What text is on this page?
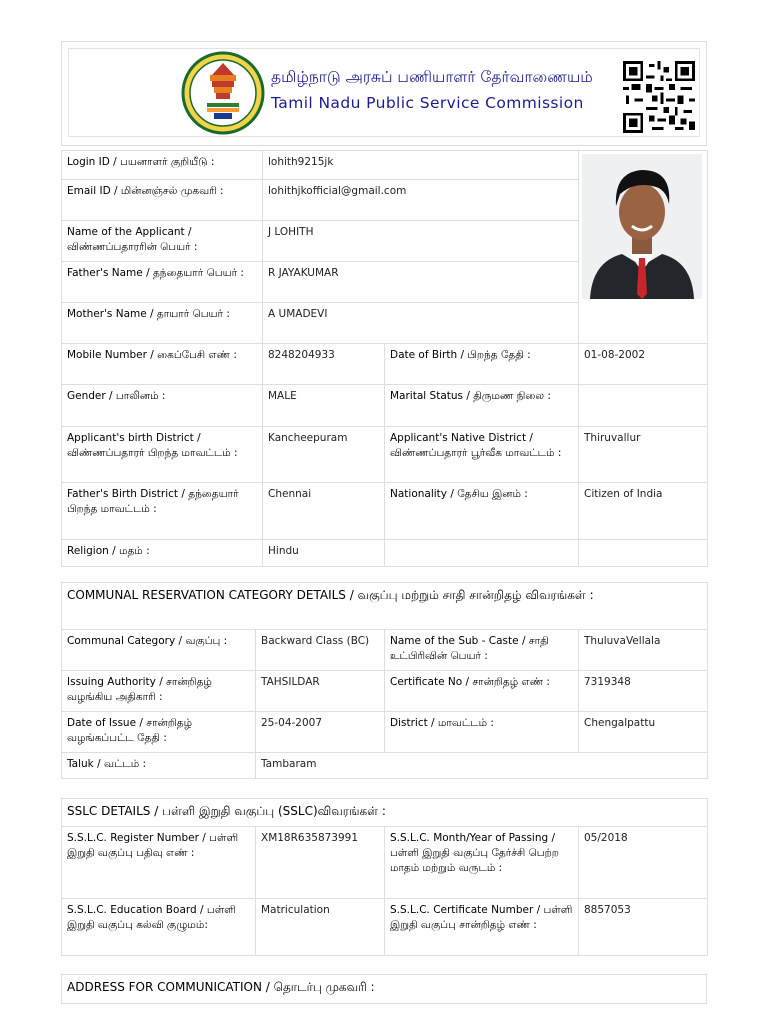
தமிழ்நாடு அரசுப் பணியாளர் தேர்வாணையம்
Tamil Nadu Public Service Commission
Login ID / பயனாளர் குறியீடு :	lohith9215jk	

Email ID / மின்னஞ்சல் முகவரி :	lohithjkofficial@gmail.com		
Name of the Applicant / விண்ணப்பதாரரின் பெயர் :	J LOHITH		
Father's Name / தந்தையார் பெயர் :	R JAYAKUMAR		
Mother's Name / தாயார் பெயர் :	A UMADEVI		
Mobile Number / கைப்பேசி எண் :	8248204933	Date of Birth / பிறந்த தேதி :	01-08-2002
Gender / பாலினம் :	MALE	Marital Status / திருமண நிலை :	
Applicant's birth District / விண்ணப்பதாரர் பிறந்த மாவட்டம் :	Kancheepuram	Applicant's Native District / விண்ணப்பதாரர் பூர்வீக மாவட்டம் :	Thiruvallur
Father's Birth District / தந்தையார் பிறந்த மாவட்டம் :	Chennai	Nationality / தேசிய இனம் :	Citizen of India
Religion / மதம் :	Hindu		
COMMUNAL RESERVATION CATEGORY DETAILS / வகுப்பு மற்றும் சாதி சான்றிதழ் விவரங்கள் :			
Communal Category / வகுப்பு :	Backward Class (BC)	Name of the Sub - Caste / சாதி உட்பிரிவின் பெயர் :	ThuluvaVellala
Issuing Authority / சான்றிதழ் வழங்கிய அதிகாரி :	TAHSILDAR	Certificate No / சான்றிதழ் எண் :	7319348
Date of Issue / சான்றிதழ் வழங்கப்பட்ட தேதி :	25-04-2007	District / மாவட்டம் :	Chengalpattu
Taluk / வட்டம் :	Tambaram		
SSLC DETAILS / பள்ளி இறுதி வகுப்பு (SSLC)விவரங்கள் :			
S.S.L.C. Register Number / பள்ளி இறுதி வகுப்பு பதிவு எண் :	XM18R635873991	S.S.L.C. Month/Year of Passing / பள்ளி இறுதி வகுப்பு தேர்ச்சி பெற்ற மாதம் மற்றும் வருடம் :	05/2018
S.S.L.C. Education Board / பள்ளி இறுதி வகுப்பு கல்வி குழுமம்:	Matriculation	S.S.L.C. Certificate Number / பள்ளி இறுதி வகுப்பு சான்றிதழ் எண் :	8857053
ADDRESS FOR COMMUNICATION / தொடர்பு முகவரி :
